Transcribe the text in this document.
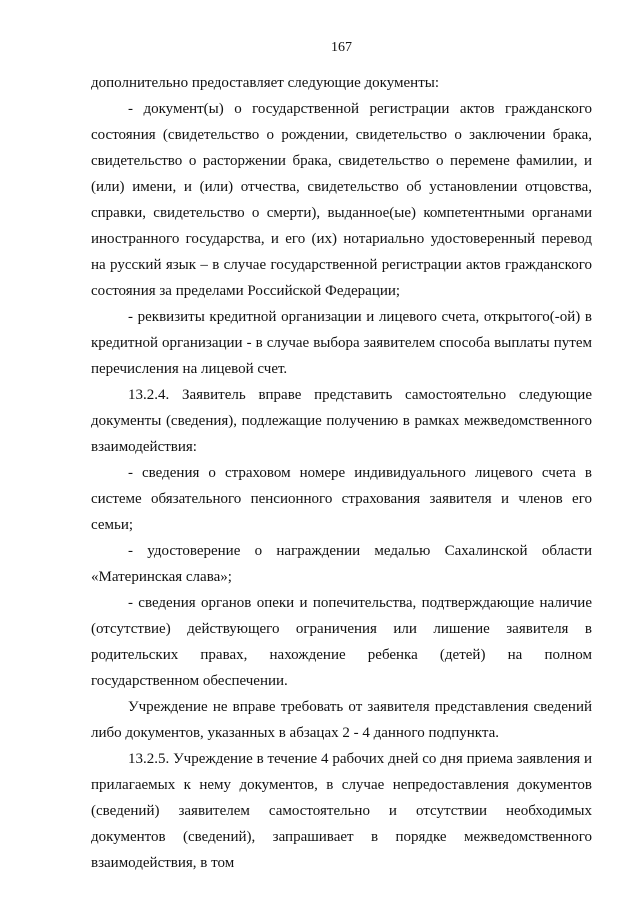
167

дополнительно предоставляет следующие документы:

- документ(ы) о государственной регистрации актов гражданского состояния (свидетельство о рождении, свидетельство о заключении брака, свидетельство о расторжении брака, свидетельство о перемене фамилии, и (или) имени, и (или) отчества, свидетельство об установлении отцовства, справки, свидетельство о смерти), выданное(ые) компетентными органами иностранного государства, и его (их) нотариально удостоверенный перевод на русский язык – в случае государственной регистрации актов гражданского состояния за пределами Российской Федерации;

- реквизиты кредитной организации и лицевого счета, открытого(-ой) в кредитной организации - в случае выбора заявителем способа выплаты путем перечисления на лицевой счет.

13.2.4. Заявитель вправе представить самостоятельно следующие документы (сведения), подлежащие получению в рамках межведомственного взаимодействия:

- сведения о страховом номере индивидуального лицевого счета в системе обязательного пенсионного страхования заявителя и членов его семьи;

- удостоверение о награждении медалью Сахалинской области «Материнская слава»;

- сведения органов опеки и попечительства, подтверждающие наличие (отсутствие) действующего ограничения или лишение заявителя в родительских правах, нахождение ребенка (детей) на полном государственном обеспечении.

Учреждение не вправе требовать от заявителя представления сведений либо документов, указанных в абзацах 2 - 4 данного подпункта.

13.2.5. Учреждение в течение 4 рабочих дней со дня приема заявления и прилагаемых к нему документов, в случае непредоставления документов (сведений) заявителем самостоятельно и отсутствии необходимых документов (сведений), запрашивает в порядке межведомственного взаимодействия, в том
